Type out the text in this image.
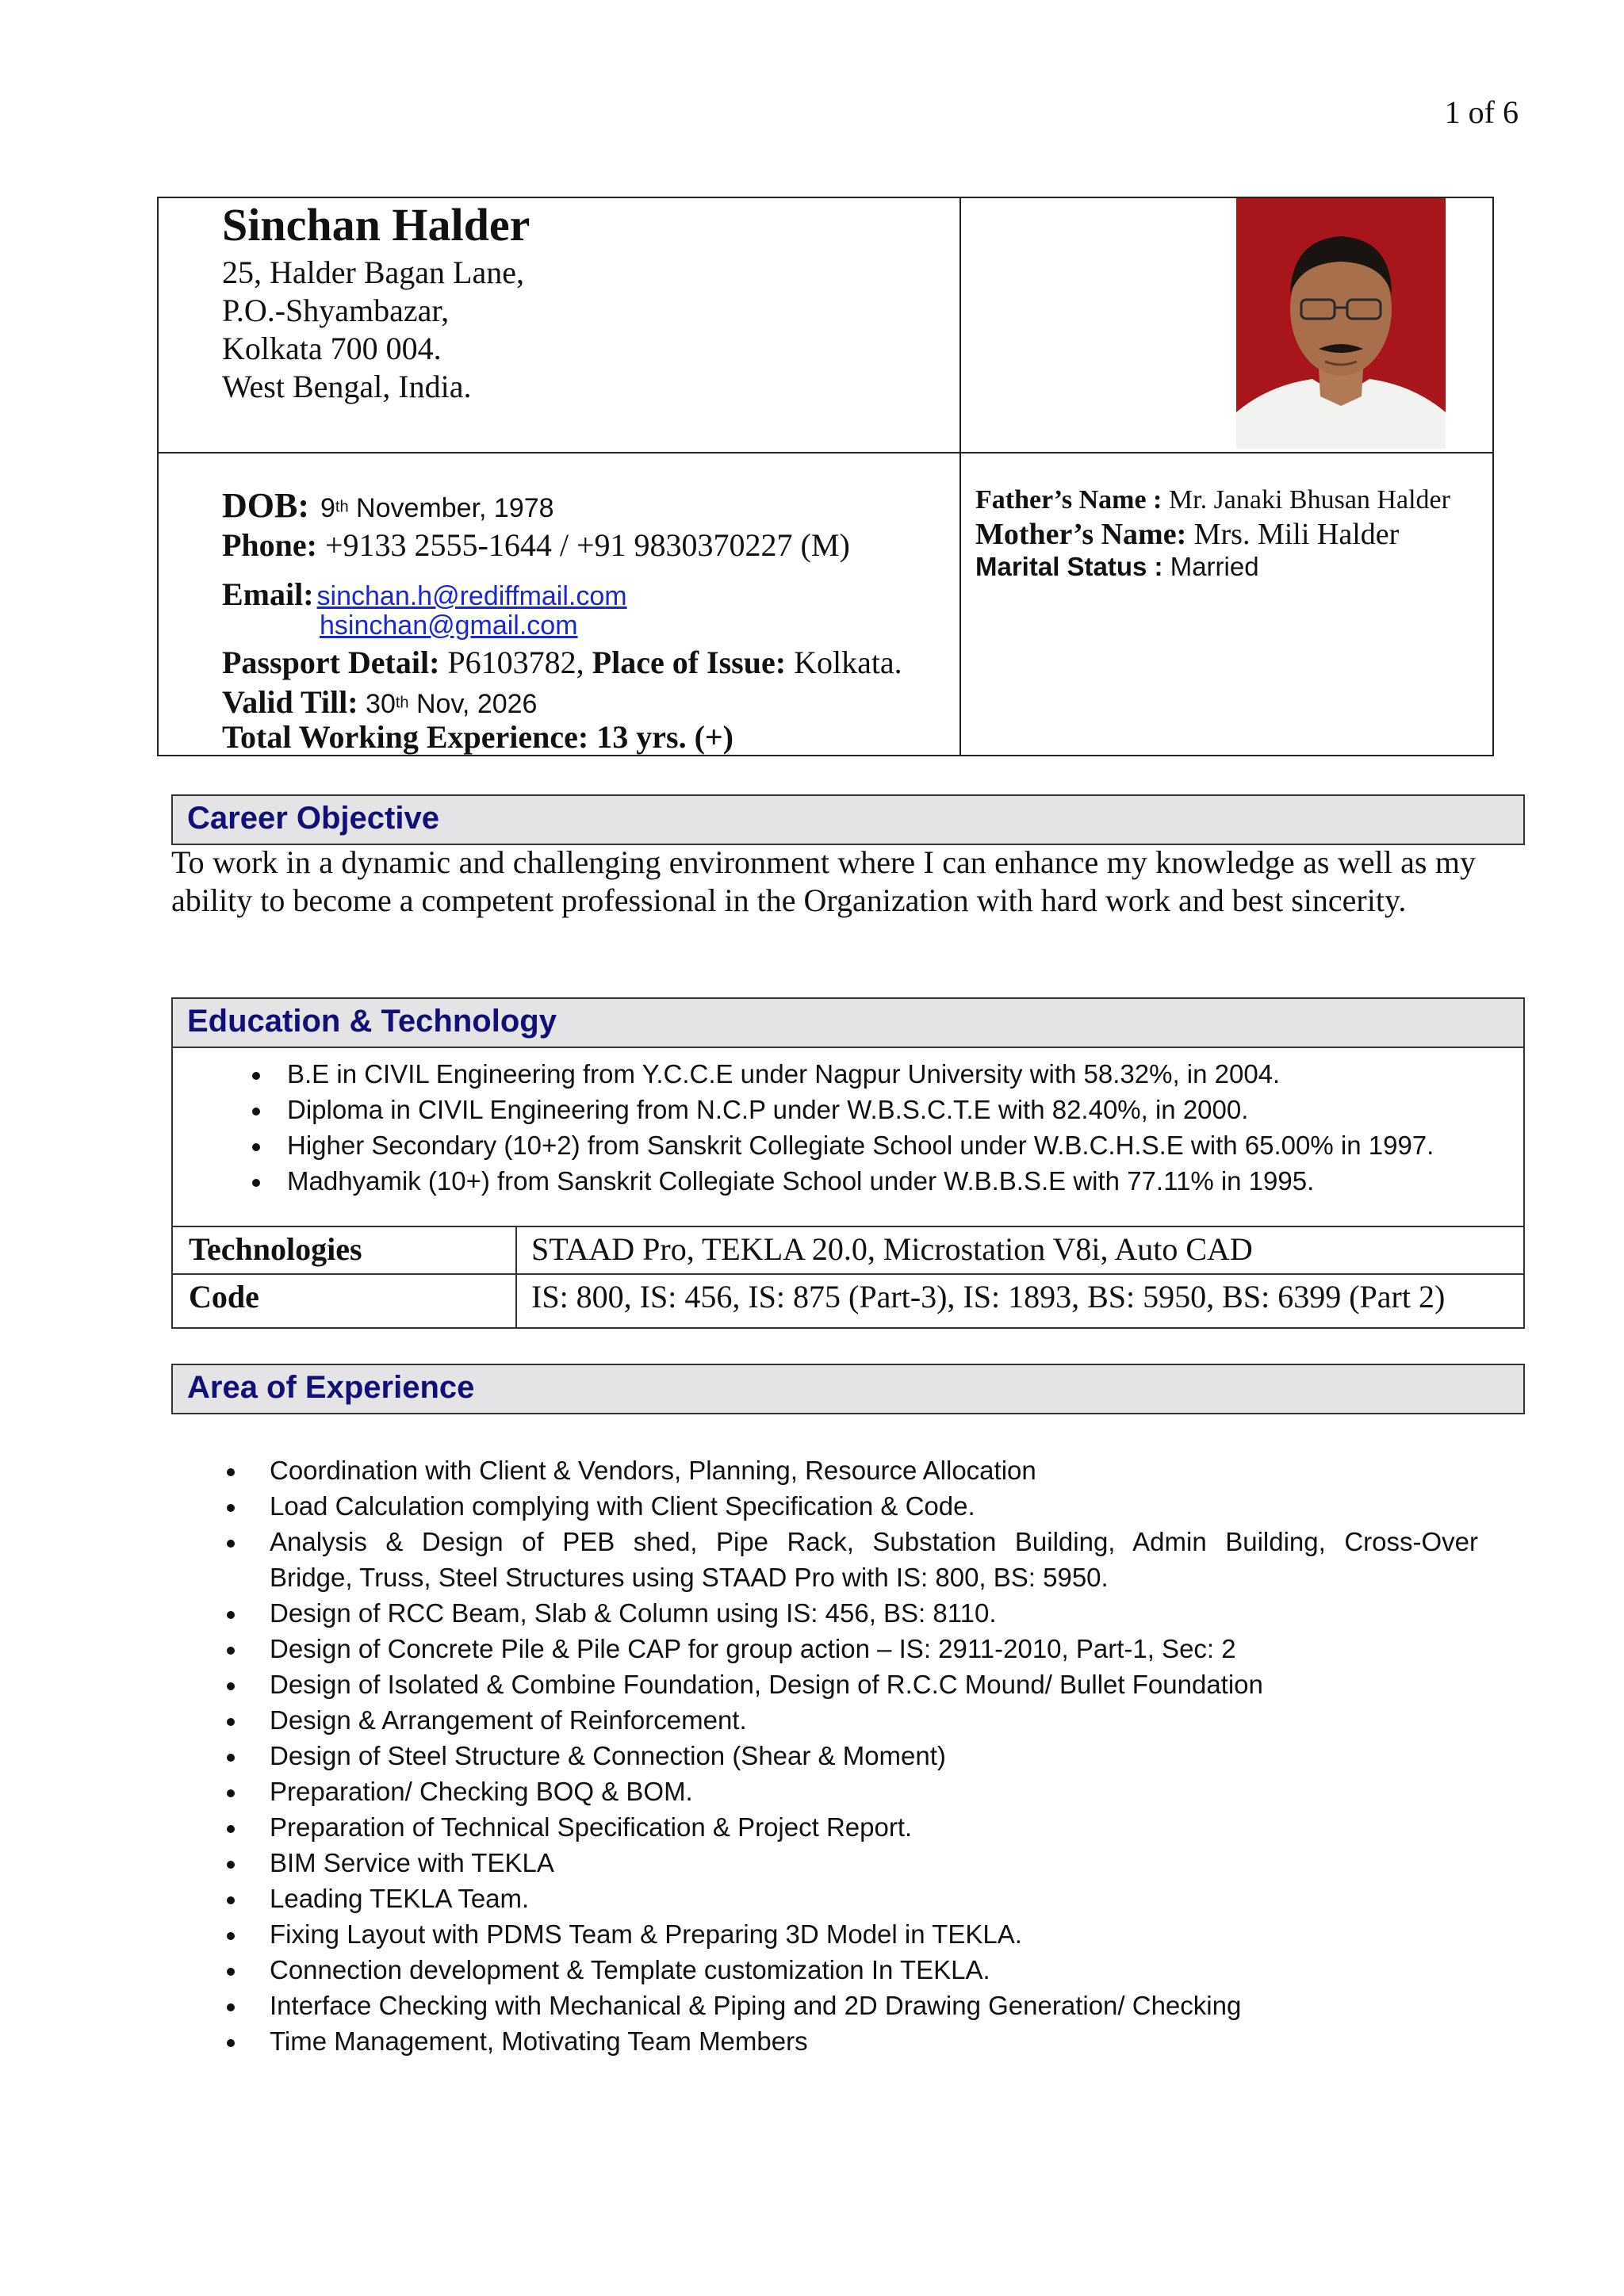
1 of 6
Sinchan Halder
25, Halder Bagan Lane,
P.O.-Shyambazar,
Kolkata 700 004.
West Bengal, India.
DOB: 9th November, 1978
Phone: +9133 2555-1644 / +91 9830370227 (M)
Email: sinchan.h@rediffmail.com
hsinchan@gmail.com
Passport Detail: P6103782, Place of Issue: Kolkata.
Valid Till: 30th Nov, 2026
Total Working Experience: 13 yrs. (+)
Father’s Name : Mr. Janaki Bhusan Halder
Mother’s Name: Mrs. Mili Halder
Marital Status : Married
Career Objective
To work in a dynamic and challenging environment where I can enhance my knowledge as well as my ability to become a competent professional in the Organization with hard work and best sincerity.
Education & Technology
B.E in CIVIL Engineering from Y.C.C.E under Nagpur University with 58.32%, in 2004.
Diploma in CIVIL Engineering from N.C.P under W.B.S.C.T.E with 82.40%, in 2000.
Higher Secondary (10+2) from Sanskrit Collegiate School under W.B.C.H.S.E with 65.00% in 1997.
Madhyamik (10+) from Sanskrit Collegiate School under W.B.B.S.E with 77.11% in 1995.
Technologies	STAAD Pro, TEKLA 20.0, Microstation V8i, Auto CAD
Code	IS: 800, IS: 456, IS: 875 (Part-3), IS: 1893, BS: 5950, BS: 6399 (Part 2)
Area of Experience
Coordination with Client & Vendors, Planning, Resource Allocation
Load Calculation complying with Client Specification & Code.
Analysis & Design of PEB shed, Pipe Rack, Substation Building, Admin Building, Cross-Over
Bridge, Truss, Steel Structures using STAAD Pro with IS: 800, BS: 5950.
Design of RCC Beam, Slab & Column using IS: 456, BS: 8110.
Design of Concrete Pile & Pile CAP for group action – IS: 2911-2010, Part-1, Sec: 2
Design of Isolated & Combine Foundation, Design of R.C.C Mound/ Bullet Foundation
Design & Arrangement of Reinforcement.
Design of Steel Structure & Connection (Shear & Moment)
Preparation/ Checking BOQ & BOM.
Preparation of Technical Specification & Project Report.
BIM Service with TEKLA
Leading TEKLA Team.
Fixing Layout with PDMS Team & Preparing 3D Model in TEKLA.
Connection development & Template customization In TEKLA.
Interface Checking with Mechanical & Piping and 2D Drawing Generation/ Checking
Time Management, Motivating Team Members
